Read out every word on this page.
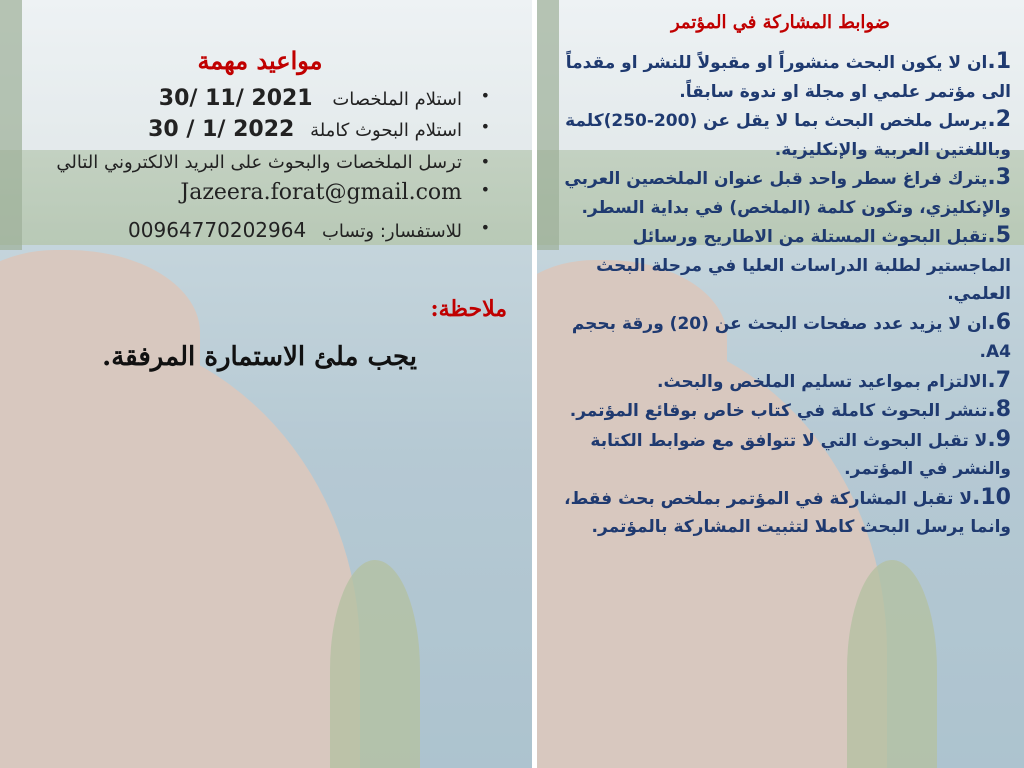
مواعيد مهمة
• استلام الملخصات 30/ 11/ 2021
• استلام البحوث كاملة 30 / 1/ 2022
• ترسل الملخصات والبحوث على البريد الالكتروني التالي
• Jazeera.forat@gmail.com
• للاستفسار: وتساب 00964770202964
ملاحظة:
يجب ملئ الاستمارة المرفقة.
ضوابط المشاركة في المؤتمر

1.ان لا يكون البحث منشوراً او مقبولاً للنشر او مقدماً الى مؤتمر علمي او مجلة او ندوة سابقاً.

2.يرسل ملخص البحث بما لا يقل عن (200-250)كلمة وباللغتين العربية والإنكليزية.

3.يترك فراغ سطر واحد قبل عنوان الملخصين العربي والإنكليزي، وتكون كلمة (الملخص) في بداية السطر.

5.تقبل البحوث المستلة من الاطاريح ورسائل الماجستير لطلبة الدراسات العليا في مرحلة البحث العلمي.

6.ان لا يزيد عدد صفحات البحث عن (20) ورقة بحجم A4.

7.الالتزام بمواعيد تسليم الملخص والبحث.

8.تنشر البحوث كاملة في كتاب خاص بوقائع المؤتمر.

9.لا تقبل البحوث التي لا تتوافق مع ضوابط الكتابة والنشر في المؤتمر.

10.لا تقبل المشاركة في المؤتمر بملخص بحث فقط، وانما يرسل البحث كاملا لتثبيت المشاركة بالمؤتمر.
